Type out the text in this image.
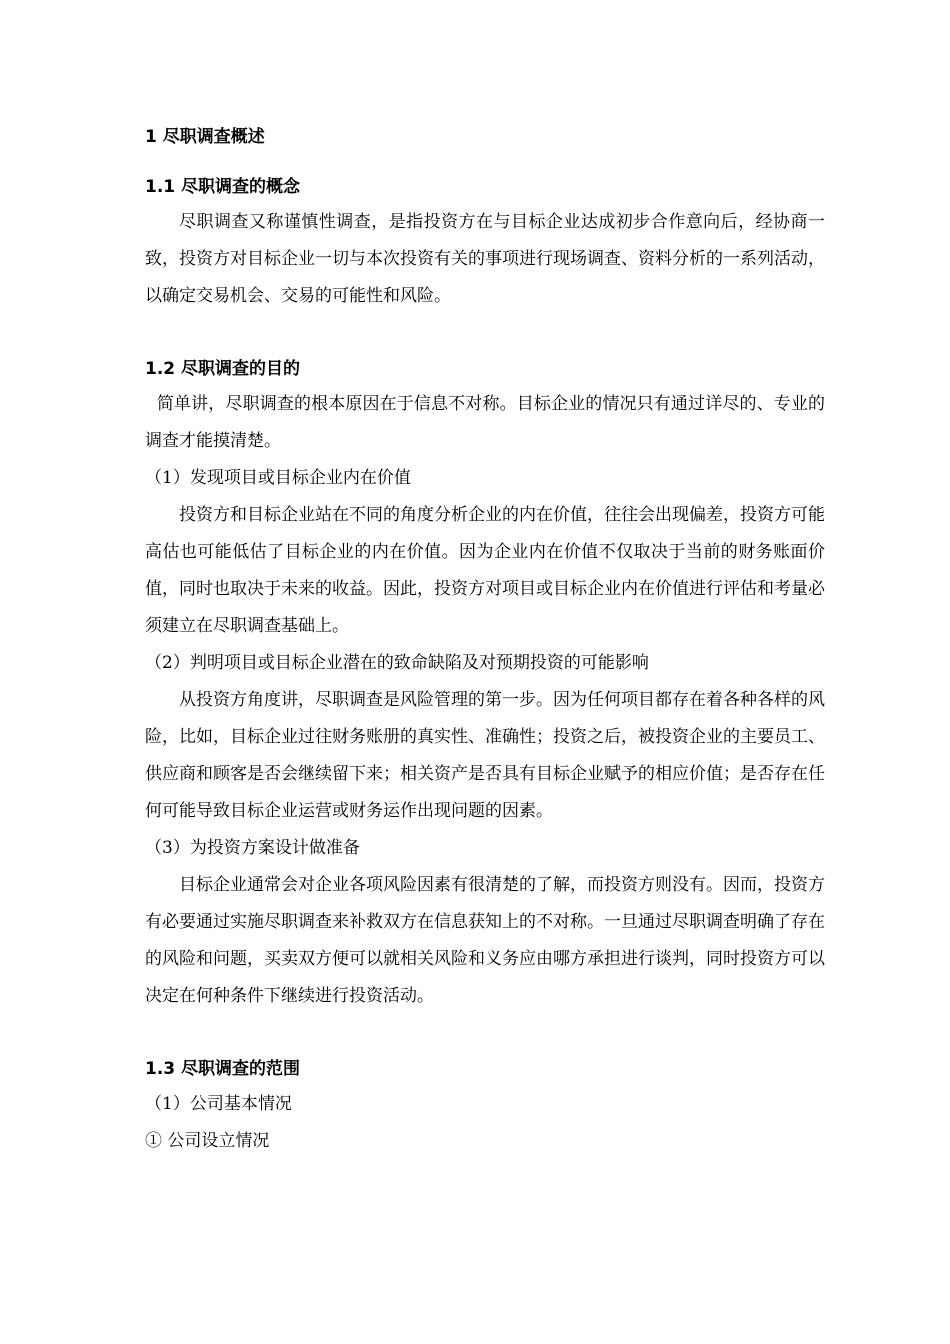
1 尽职调查概述
1.1 尽职调查的概念

尽职调查又称谨慎性调查，是指投资方在与目标企业达成初步合作意向后，经协商一致，投资方对目标企业一切与本次投资有关的事项进行现场调查、资料分析的一系列活动，以确定交易机会、交易的可能性和风险。

1.2 尽职调查的目的

简单讲，尽职调查的根本原因在于信息不对称。目标企业的情况只有通过详尽的、专业的调查才能摸清楚。

（1）发现项目或目标企业内在价值

投资方和目标企业站在不同的角度分析企业的内在价值，往往会出现偏差，投资方可能高估也可能低估了目标企业的内在价值。因为企业内在价值不仅取决于当前的财务账面价值，同时也取决于未来的收益。因此，投资方对项目或目标企业内在价值进行评估和考量必须建立在尽职调查基础上。

（2）判明项目或目标企业潜在的致命缺陷及对预期投资的可能影响

从投资方角度讲，尽职调查是风险管理的第一步。因为任何项目都存在着各种各样的风险，比如，目标企业过往财务账册的真实性、准确性；投资之后，被投资企业的主要员工、供应商和顾客是否会继续留下来；相关资产是否具有目标企业赋予的相应价值；是否存在任何可能导致目标企业运营或财务运作出现问题的因素。

（3）为投资方案设计做准备

目标企业通常会对企业各项风险因素有很清楚的了解，而投资方则没有。因而，投资方有必要通过实施尽职调查来补救双方在信息获知上的不对称。一旦通过尽职调查明确了存在的风险和问题，买卖双方便可以就相关风险和义务应由哪方承担进行谈判，同时投资方可以决定在何种条件下继续进行投资活动。

1.3 尽职调查的范围
（1）公司基本情况
① 公司设立情况
